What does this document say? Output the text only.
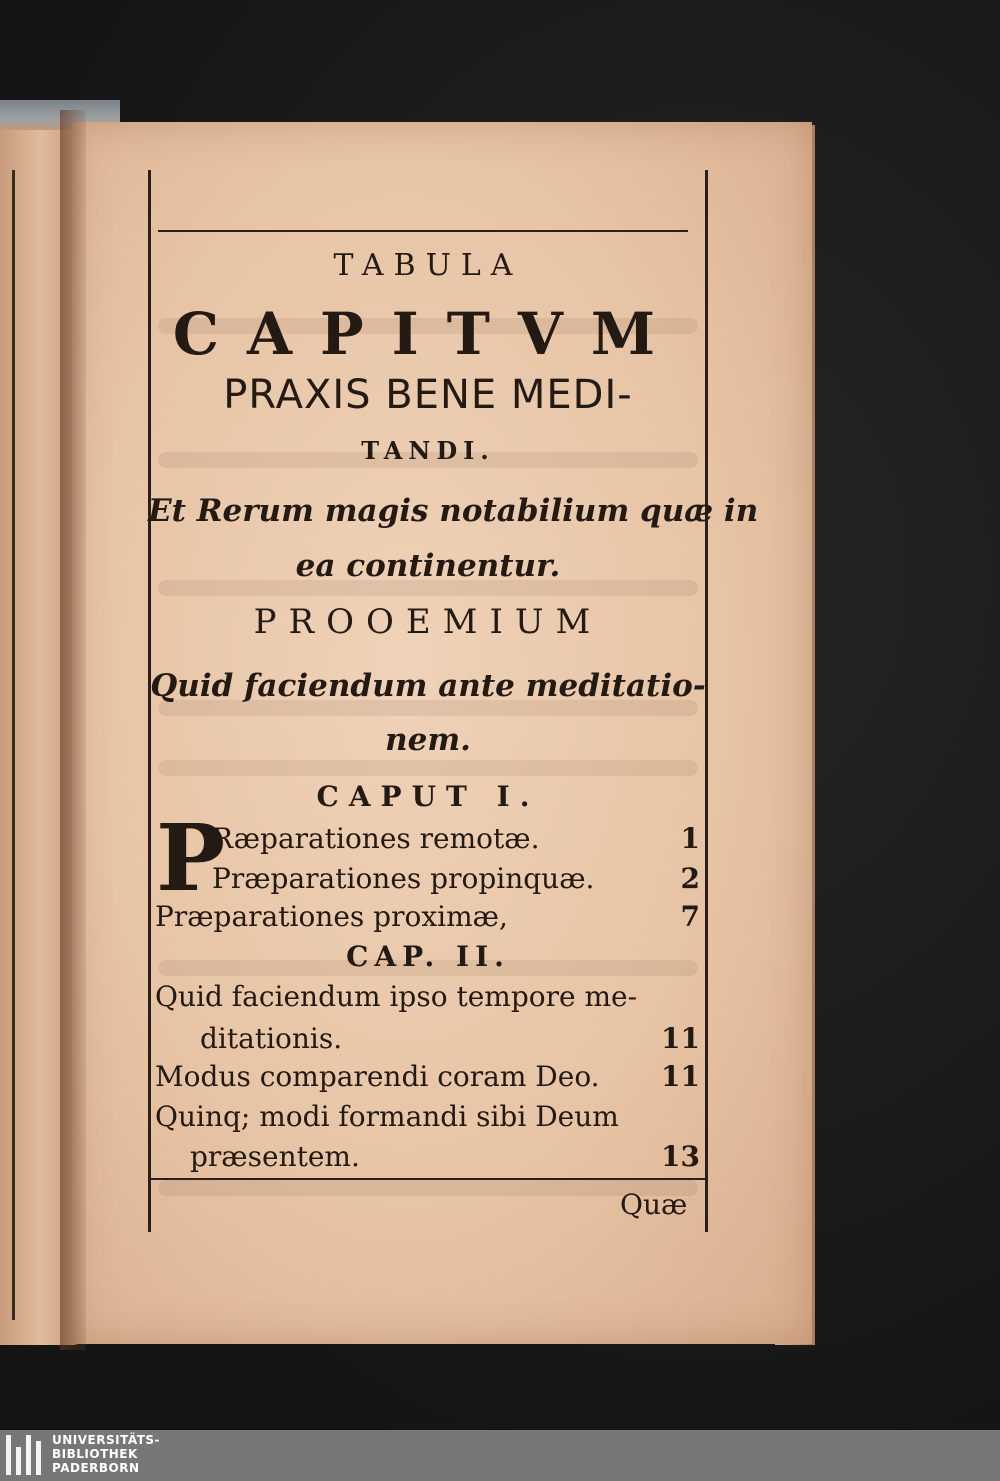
TABULA
CAPITVM
PRAXIS BENE MEDI-
TANDI.
Et Rerum magis notabilium quæ in
ea continentur.
PROOEMIUM
Quid faciendum ante meditatio-
nem.
CAPUT I.
P
Ræparationes remotæ.	1
Præparationes propinquæ.	2
Præparationes proximæ,	7
CAP. II.
Quid faciendum ipso tempore me-
ditationis.	11
Modus comparendi coram Deo. 11
Quinq; modi formandi sibi Deum
præsentem.	13
Quæ
UNIVERSITÄTS-
BIBLIOTHEK
PADERBORN
